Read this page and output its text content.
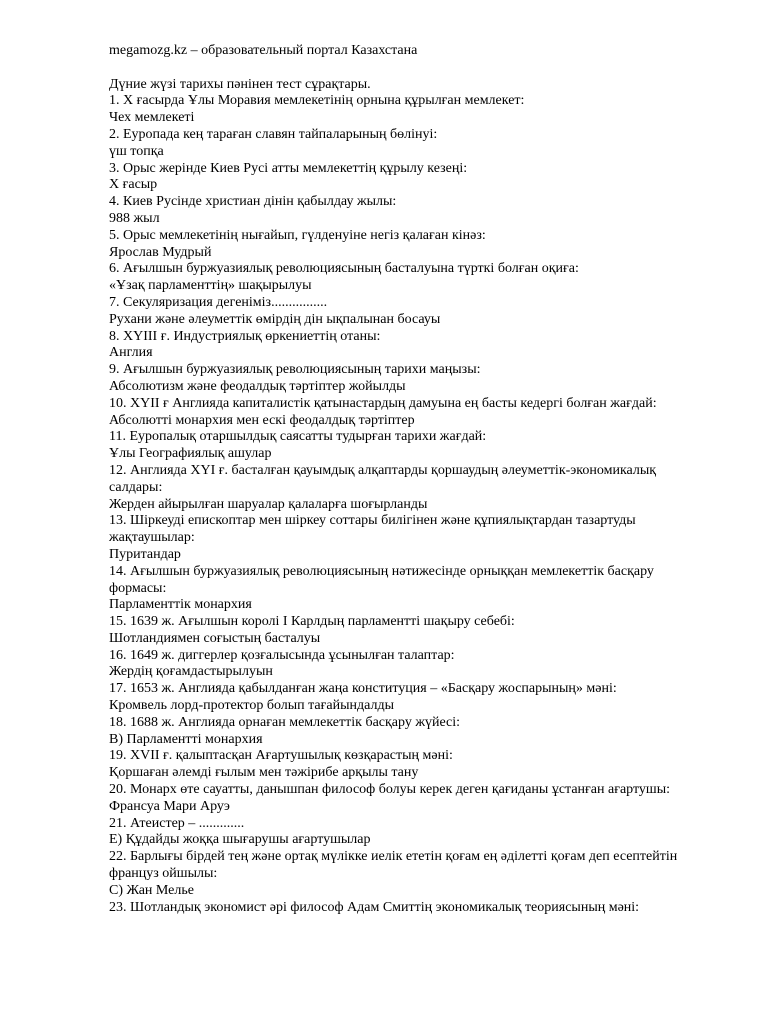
megamozg.kz – образовательный портал Казахстана
Дүние жүзі тарихы пәнінен тест сұрақтары.
1. Х ғасырда Ұлы Моравия мемлекетінің орнына құрылған мемлекет:
Чех мемлекеті
2. Еуропада кең тараған славян тайпаларының бөлінуі:
үш топқа
3. Орыс жерінде Киев Русі атты мемлекеттің құрылу кезеңі:
Х ғасыр
4. Киев Русінде христиан дінін қабылдау жылы:
988 жыл
5. Орыс мемлекетінің нығайып, гүлденуіне негіз қалаған кінәз:
Ярослав Мудрый
6. Ағылшын буржуазиялық революциясының басталуына түрткі болған оқиға:
«Ұзақ парламенттің» шақырылуы
7. Секуляризация дегеніміз................
Рухани және әлеуметтік өмірдің дін ықпалынан босауы
8. ХҮІІІ ғ. Индустриялық өркениеттің отаны:
Англия
9. Ағылшын буржуазиялық революциясының тарихи маңызы:
Абсолютизм және феодалдық тәртіптер жойылды
10. ХҮІІ ғ Англияда капиталистік қатынастардың дамуына ең басты кедергі болған жағдай:
Абсолютті монархия мен ескі феодалдық тәртіптер
11. Еуропалық отаршылдық саясатты тудырған тарихи жағдай:
Ұлы Географиялық ашулар
12. Англияда ХҮІ ғ. басталған қауымдық алқаптарды қоршаудың әлеуметтік-экономикалық салдары:
Жерден айырылған шаруалар қалаларға шоғырланды
13. Шіркеуді епископтар мен шіркеу соттары билігінен және құпиялықтардан тазартуды жақтаушылар:
Пуритандар
14. Ағылшын буржуазиялық революциясының нәтижесінде орныққан мемлекеттік басқару формасы:
Парламенттік монархия
15. 1639 ж. Ағылшын королі І Карлдың парламентті шақыру себебі:
Шотландиямен соғыстың басталуы
16. 1649 ж. диггерлер қозғалысында ұсынылған талаптар:
Жердің қоғамдастырылуын
17. 1653 ж. Англияда қабылданған жаңа конституция – «Басқару жоспарының» мәні:
Кромвель лорд-протектор болып тағайындалды
18. 1688 ж. Англияда орнаған мемлекеттік басқару жүйесі:
В) Парламентті монархия
19. XVII ғ. қалыптасқан Ағартушылық көзқарастың мәні:
Қоршаған әлемді ғылым мен тәжірибе арқылы тану
20. Монарх өте сауатты, данышпан философ болуы керек деген қағиданы ұстанған ағартушы:
Франсуа Мари Аруэ
21. Атеистер – .............
Е) Құдайды жоққа шығарушы ағартушылар
22. Барлығы бірдей тең және ортақ мүлікке иелік ететін қоғам ең әділетті қоғам деп есептейтін француз ойшылы:
С) Жан Мелье
23. Шотландық экономист әрі философ Адам Смиттің экономикалық теориясының мәні:
